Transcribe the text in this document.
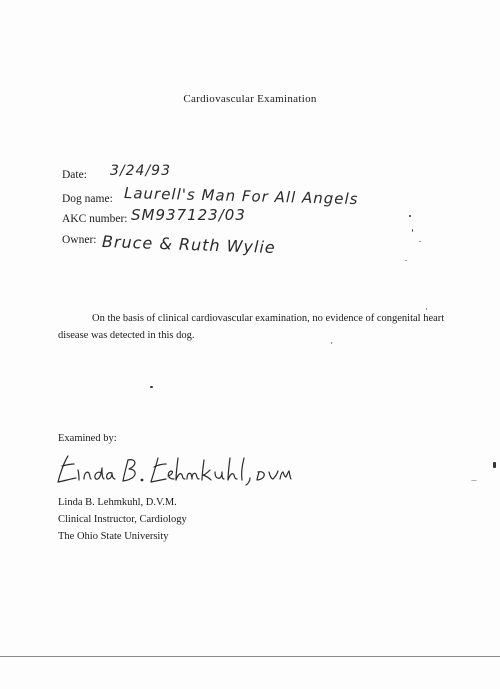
Cardiovascular Examination
Date: 3/24/93
Dog name: Laurell's Man For All Angels
AKC number: SM937123/03
Owner: Bruce & Ruth Wylie
On the basis of clinical cardiovascular examination, no evidence of congenital heart disease was detected in this dog.
Examined by:
Linda B. Lehmkuhl, D.V.M.
Clinical Instructor, Cardiology
The Ohio State University
